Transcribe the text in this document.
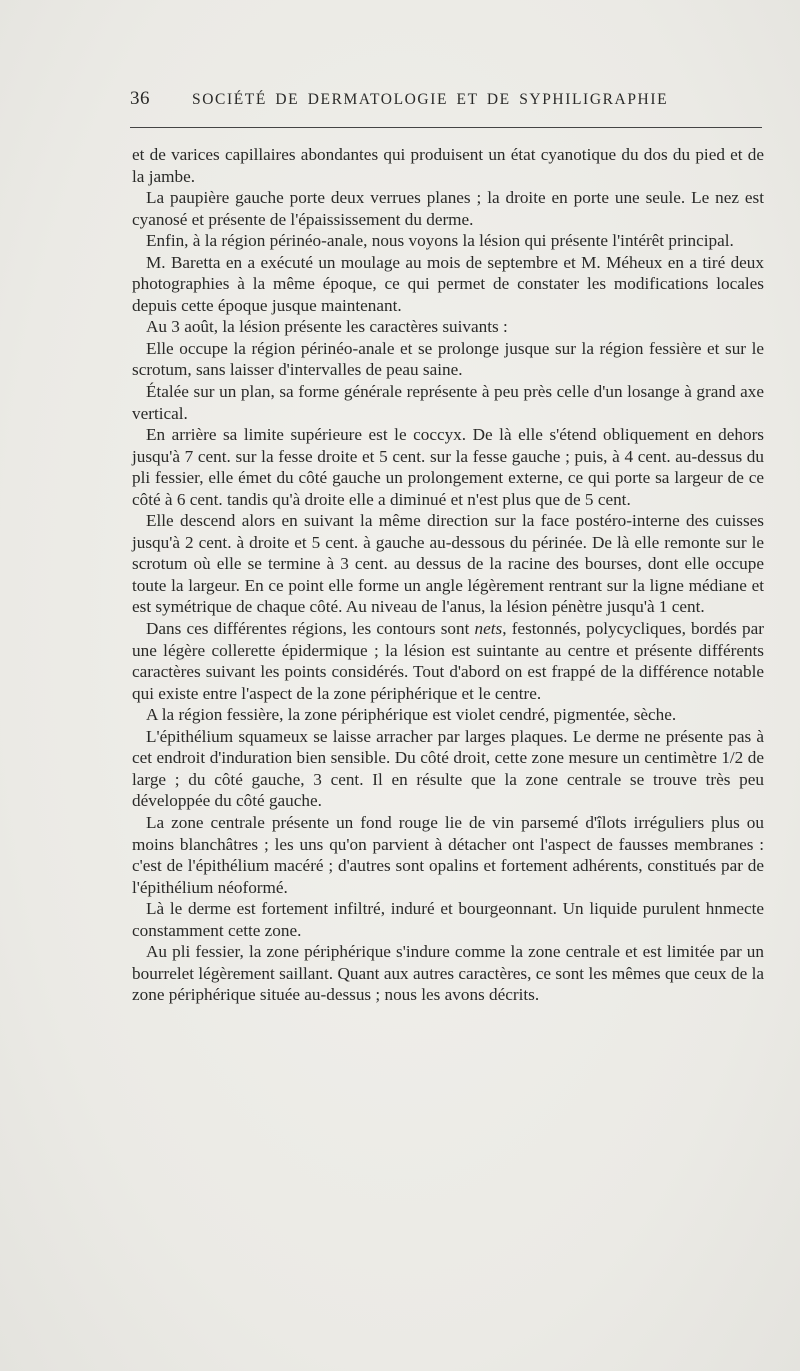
36	SOCIÉTÉ DE DERMATOLOGIE ET DE SYPHILIGRAPHIE

et de varices capillaires abondantes qui produisent un état cyanotique du dos du pied et de la jambe.

La paupière gauche porte deux verrues planes ; la droite en porte une seule. Le nez est cyanosé et présente de l'épaississement du derme.

Enfin, à la région périnéo-anale, nous voyons la lésion qui présente l'intérêt principal.

M. Baretta en a exécuté un moulage au mois de septembre et M. Méheux en a tiré deux photographies à la même époque, ce qui permet de constater les modifications locales depuis cette époque jusque maintenant.

Au 3 août, la lésion présente les caractères suivants :

Elle occupe la région périnéo-anale et se prolonge jusque sur la région fessière et sur le scrotum, sans laisser d'intervalles de peau saine.

Étalée sur un plan, sa forme générale représente à peu près celle d'un losange à grand axe vertical.

En arrière sa limite supérieure est le coccyx. De là elle s'étend obliquement en dehors jusqu'à 7 cent. sur la fesse droite et 5 cent. sur la fesse gauche ; puis, à 4 cent. au-dessus du pli fessier, elle émet du côté gauche un prolongement externe, ce qui porte sa largeur de ce côté à 6 cent. tandis qu'à droite elle a diminué et n'est plus que de 5 cent.

Elle descend alors en suivant la même direction sur la face postéro-interne des cuisses jusqu'à 2 cent. à droite et 5 cent. à gauche au-dessous du périnée. De là elle remonte sur le scrotum où elle se termine à 3 cent. au dessus de la racine des bourses, dont elle occupe toute la largeur. En ce point elle forme un angle légèrement rentrant sur la ligne médiane et est symétrique de chaque côté. Au niveau de l'anus, la lésion pénètre jusqu'à 1 cent.

Dans ces différentes régions, les contours sont nets, festonnés, polycycliques, bordés par une légère collerette épidermique ; la lésion est suintante au centre et présente différents caractères suivant les points considérés. Tout d'abord on est frappé de la différence notable qui existe entre l'aspect de la zone périphérique et le centre.

A la région fessière, la zone périphérique est violet cendré, pigmentée, sèche.

L'épithélium squameux se laisse arracher par larges plaques. Le derme ne présente pas à cet endroit d'induration bien sensible. Du côté droit, cette zone mesure un centimètre 1/2 de large ; du côté gauche, 3 cent. Il en résulte que la zone centrale se trouve très peu développée du côté gauche.

La zone centrale présente un fond rouge lie de vin parsemé d'îlots irréguliers plus ou moins blanchâtres ; les uns qu'on parvient à détacher ont l'aspect de fausses membranes : c'est de l'épithélium macéré ; d'autres sont opalins et fortement adhérents, constitués par de l'épithélium néoformé.

Là le derme est fortement infiltré, induré et bourgeonnant. Un liquide purulent hnmecte constamment cette zone.

Au pli fessier, la zone périphérique s'indure comme la zone centrale et est limitée par un bourrelet légèrement saillant. Quant aux autres caractères, ce sont les mêmes que ceux de la zone périphérique située au-dessus ; nous les avons décrits.
